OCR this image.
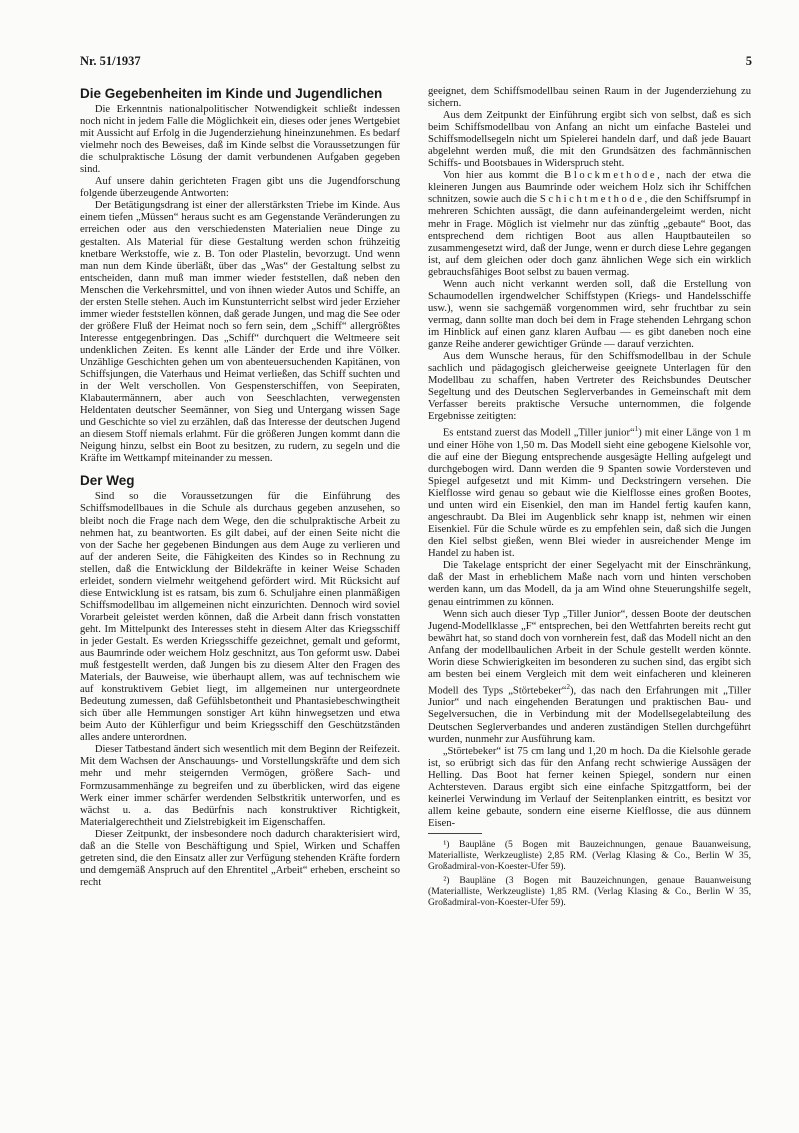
Nr. 51/1937	5
Die Gegebenheiten im Kinde und Jugendlichen

Die Erkenntnis nationalpolitischer Notwendigkeit schließt indessen noch nicht in jedem Falle die Möglichkeit ein, dieses oder jenes Wertgebiet mit Aussicht auf Erfolg in die Jugenderziehung hineinzunehmen. Es bedarf vielmehr noch des Beweises, daß im Kinde selbst die Voraussetzungen für die schulpraktische Lösung der damit verbundenen Aufgaben gegeben sind.

Auf unsere dahin gerichteten Fragen gibt uns die Jugendforschung folgende überzeugende Antworten:

Der Betätigungsdrang ist einer der allerstärksten Triebe im Kinde. Aus einem tiefen „Müssen“ heraus sucht es am Gegenstande Veränderungen zu erreichen oder aus den verschiedensten Materialien neue Dinge zu gestalten. Als Material für diese Gestaltung werden schon frühzeitig knetbare Werkstoffe, wie z. B. Ton oder Plastelin, bevorzugt. Und wenn man nun dem Kinde überläßt, über das „Was“ der Gestaltung selbst zu entscheiden, dann muß man immer wieder feststellen, daß neben den Menschen die Verkehrsmittel, und von ihnen wieder Autos und Schiffe, an der ersten Stelle stehen. Auch im Kunstunterricht selbst wird jeder Erzieher immer wieder feststellen können, daß gerade Jungen, und mag die See oder der größere Fluß der Heimat noch so fern sein, dem „Schiff“ allergrößtes Interesse entgegenbringen. Das „Schiff“ durchquert die Weltmeere seit undenklichen Zeiten. Es kennt alle Länder der Erde und ihre Völker. Unzählige Geschichten gehen um von abenteuersuchenden Kapitänen, von Schiffsjungen, die Vaterhaus und Heimat verließen, das Schiff suchten und in der Welt verschollen. Von Gespensterschiffen, von Seepiraten, Klabautermännern, aber auch von Seeschlachten, verwegensten Heldentaten deutscher Seemänner, von Sieg und Untergang wissen Sage und Geschichte so viel zu erzählen, daß das Interesse der deutschen Jugend an diesem Stoff niemals erlahmt. Für die größeren Jungen kommt dann die Neigung hinzu, selbst ein Boot zu besitzen, zu rudern, zu segeln und die Kräfte im Wettkampf miteinander zu messen.

Der Weg

Sind so die Voraussetzungen für die Einführung des Schiffsmodellbaues in die Schule als durchaus gegeben anzusehen, so bleibt noch die Frage nach dem Wege, den die schulpraktische Arbeit zu nehmen hat, zu beantworten. Es gilt dabei, auf der einen Seite nicht die von der Sache her gegebenen Bindungen aus dem Auge zu verlieren und auf der anderen Seite, die Fähigkeiten des Kindes so in Rechnung zu stellen, daß die Entwicklung der Bildekräfte in keiner Weise Schaden erleidet, sondern vielmehr weitgehend gefördert wird. Mit Rücksicht auf diese Entwicklung ist es ratsam, bis zum 6. Schuljahre einen planmäßigen Schiffsmodellbau im allgemeinen nicht einzurichten. Dennoch wird soviel Vorarbeit geleistet werden können, daß die Arbeit dann frisch vonstatten geht. Im Mittelpunkt des Interesses steht in diesem Alter das Kriegsschiff in jeder Gestalt. Es werden Kriegsschiffe gezeichnet, gemalt und geformt, aus Baumrinde oder weichem Holz geschnitzt, aus Ton geformt usw. Dabei muß festgestellt werden, daß Jungen bis zu diesem Alter den Fragen des Materials, der Bauweise, wie überhaupt allem, was auf technischem wie auf konstruktivem Gebiet liegt, im allgemeinen nur untergeordnete Bedeutung zumessen, daß Gefühlsbetontheit und Phantasiebeschwingtheit sich über alle Hemmungen sonstiger Art kühn hinwegsetzen und etwa beim Auto der Kühlerfigur und beim Kriegsschiff den Geschützständen alles andere unterordnen.

Dieser Tatbestand ändert sich wesentlich mit dem Beginn der Reifezeit. Mit dem Wachsen der Anschauungs- und Vorstellungskräfte und dem sich mehr und mehr steigernden Vermögen, größere Sach- und Formzusammenhänge zu begreifen und zu überblicken, wird das eigene Werk einer immer schärfer werdenden Selbstkritik unterworfen, und es wächst u. a. das Bedürfnis nach konstruktiver Richtigkeit, Materialgerechtheit und Zielstrebigkeit im Eigenschaffen.

Dieser Zeitpunkt, der insbesondere noch dadurch charakterisiert wird, daß an die Stelle von Beschäftigung und Spiel, Wirken und Schaffen getreten sind, die den Einsatz aller zur Verfügung stehenden Kräfte fordern und demgemäß Anspruch auf den Ehrentitel „Arbeit“ erheben, erscheint so recht

geeignet, dem Schiffsmodellbau seinen Raum in der Jugenderziehung zu sichern.

Aus dem Zeitpunkt der Einführung ergibt sich von selbst, daß es sich beim Schiffsmodellbau von Anfang an nicht um einfache Bastelei und Schiffsmodellsegeln nicht um Spielerei handeln darf, und daß jede Bauart abgelehnt werden muß, die mit den Grundsätzen des fachmännischen Schiffs- und Bootsbaues in Widerspruch steht.

Von hier aus kommt die Blockmethode, nach der etwa die kleineren Jungen aus Baumrinde oder weichem Holz sich ihr Schiffchen schnitzen, sowie auch die Schichtmethode, die den Schiffsrumpf in mehreren Schichten aussägt, die dann aufeinandergeleimt werden, nicht mehr in Frage. Möglich ist vielmehr nur das zünftig „gebaute“ Boot, das entsprechend dem richtigen Boot aus allen Hauptbauteilen so zusammengesetzt wird, daß der Junge, wenn er durch diese Lehre gegangen ist, auf dem gleichen oder doch ganz ähnlichen Wege sich ein wirklich gebrauchsfähiges Boot selbst zu bauen vermag.

Wenn auch nicht verkannt werden soll, daß die Erstellung von Schaumodellen irgendwelcher Schiffstypen (Kriegs- und Handelsschiffe usw.), wenn sie sachgemäß vorgenommen wird, sehr fruchtbar zu sein vermag, dann sollte man doch bei dem in Frage stehenden Lehrgang schon im Hinblick auf einen ganz klaren Aufbau — es gibt daneben noch eine ganze Reihe anderer gewichtiger Gründe — darauf verzichten.

Aus dem Wunsche heraus, für den Schiffsmodellbau in der Schule sachlich und pädagogisch gleicherweise geeignete Unterlagen für den Modellbau zu schaffen, haben Vertreter des Reichsbundes Deutscher Segeltung und des Deutschen Seglerverbandes in Gemeinschaft mit dem Verfasser bereits praktische Versuche unternommen, die folgende Ergebnisse zeitigten:

Es entstand zuerst das Modell „Tiller junior“$^1$) mit einer Länge von 1 m und einer Höhe von 1,50 m. Das Modell sieht eine gebogene Kielsohle vor, die auf eine der Biegung entsprechende ausgesägte Helling aufgelegt und durchgebogen wird. Dann werden die 9 Spanten sowie Vordersteven und Spiegel aufgesetzt und mit Kimm- und Deckstringern versehen. Die Kielflosse wird genau so gebaut wie die Kielflosse eines großen Bootes, und unten wird ein Eisenkiel, den man im Handel fertig kaufen kann, angeschraubt. Da Blei im Augenblick sehr knapp ist, nehmen wir einen Eisenkiel. Für die Schule würde es zu empfehlen sein, daß sich die Jungen den Kiel selbst gießen, wenn Blei wieder in ausreichender Menge im Handel zu haben ist.

Die Takelage entspricht der einer Segelyacht mit der Einschränkung, daß der Mast in erheblichem Maße nach vorn und hinten verschoben werden kann, um das Modell, da ja am Wind ohne Steuerungshilfe segelt, genau eintrimmen zu können.

Wenn sich auch dieser Typ „Tiller Junior“, dessen Boote der deutschen Jugend-Modellklasse „F“ entsprechen, bei den Wettfahrten bereits recht gut bewährt hat, so stand doch von vornherein fest, daß das Modell nicht an den Anfang der modellbaulichen Arbeit in der Schule gestellt werden könnte. Worin diese Schwierigkeiten im besonderen zu suchen sind, das ergibt sich am besten bei einem Vergleich mit dem weit einfacheren und kleineren Modell des Typs „Störtebeker“$^2$), das nach den Erfahrungen mit „Tiller Junior“ und nach eingehenden Beratungen und praktischen Bau- und Segelversuchen, die in Verbindung mit der Modellsegelabteilung des Deutschen Seglerverbandes und anderen zuständigen Stellen durchgeführt wurden, nunmehr zur Ausführung kam.

„Störtebeker“ ist 75 cm lang und 1,20 m hoch. Da die Kielsohle gerade ist, so erübrigt sich das für den Anfang recht schwierige Aussägen der Helling. Das Boot hat ferner keinen Spiegel, sondern nur einen Achtersteven. Daraus ergibt sich eine einfache Spitzgattform, bei der keinerlei Verwindung im Verlauf der Seitenplanken eintritt, es besitzt vor allem keine gebaute, sondern eine eiserne Kielflosse, die aus dünnem Eisen-

¹) Baupläne (5 Bogen mit Bauzeichnungen, genaue Bauanweisung, Materialliste, Werkzeugliste) 2,85 RM. (Verlag Klasing & Co., Berlin W 35, Großadmiral-von-Koester-Ufer 59).

²) Baupläne (3 Bogen mit Bauzeichnungen, genaue Bauanweisung (Materialliste, Werkzeugliste) 1,85 RM. (Verlag Klasing & Co., Berlin W 35, Großadmiral-von-Koester-Ufer 59).
